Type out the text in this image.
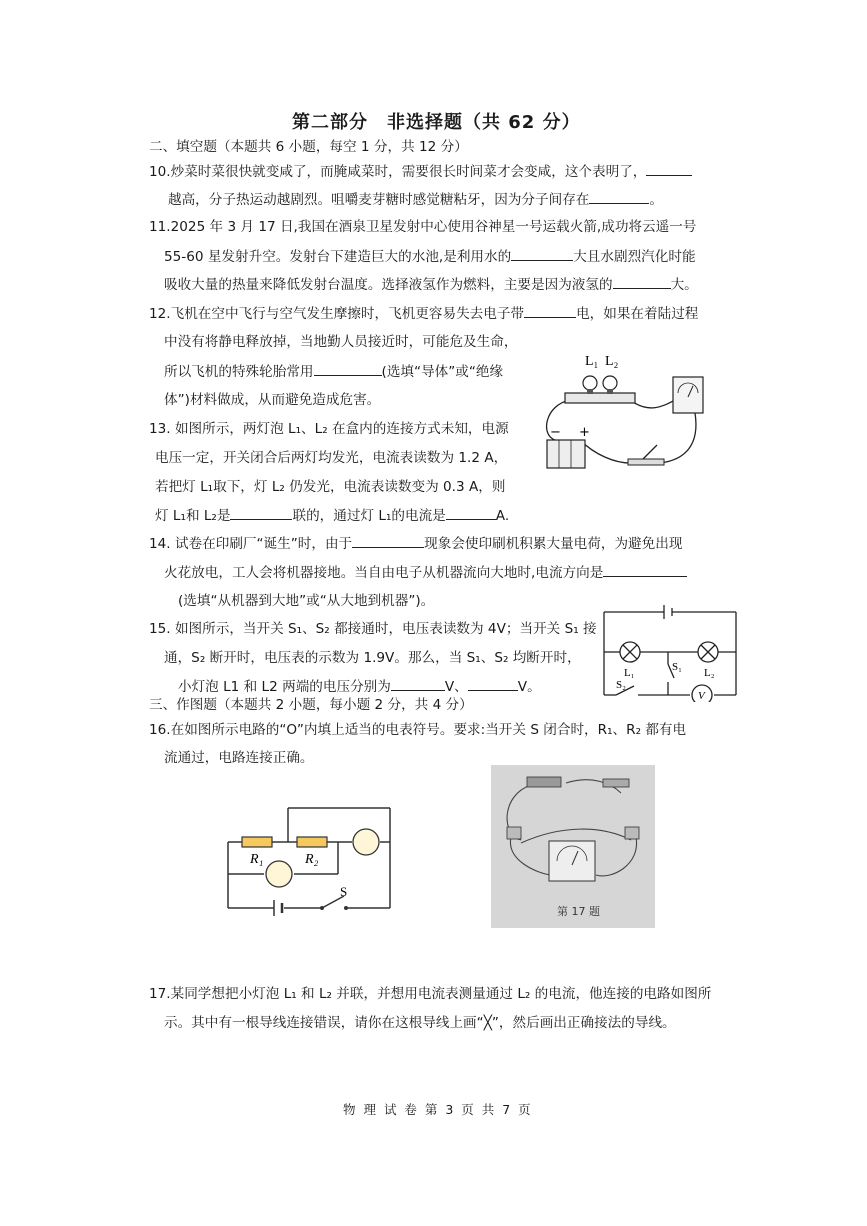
第二部分　非选择题（共 62 分）
二、填空题（本题共 6 小题，每空 1 分，共 12 分）
10.炒菜时菜很快就变咸了，而腌咸菜时，需要很长时间菜才会变咸，这个表明了，
越高，分子热运动越剧烈。咀嚼麦芽糖时感觉糖粘牙，因为分子间存在	。
11.2025 年 3 月 17 日,我国在酒泉卫星发射中心使用谷神星一号运载火箭,成功将云遥一号
55-60 星发射升空。发射台下建造巨大的水池,是利用水的	大且水剧烈汽化时能
吸收大量的热量来降低发射台温度。选择液氢作为燃料，主要是因为液氢的	大。
12.飞机在空中飞行与空气发生摩擦时，飞机更容易失去电子带	电，如果在着陆过程
中没有将静电释放掉，当地勤人员接近时，可能危及生命，
所以飞机的特殊轮胎常用	(选填“导体”或“绝缘
体”)材料做成，从而避免造成危害。
13. 如图所示，两灯泡 L₁、L₂ 在盒内的连接方式未知，电源
电压一定，开关闭合后两灯均发光，电流表读数为 1.2 A，
若把灯 L₁取下，灯 L₂ 仍发光，电流表读数变为 0.3 A，则
灯 L₁和 L₂是	联的，通过灯 L₁的电流是	A.
L₁ L₂
− +
14. 试卷在印刷厂“诞生”时，由于	现象会使印刷机积累大量电荷，为避免出现
火花放电，工人会将机器接地。当自由电子从机器流向大地时,电流方向是
(选填“从机器到大地”或“从大地到机器”)。
15. 如图所示，当开关 S₁、S₂ 都接通时，电压表读数为 4V；当开关 S₁ 接
通，S₂ 断开时，电压表的示数为 1.9V。那么，当 S₁、S₂ 均断开时，
小灯泡 L1 和 L2 两端的电压分别为	V、	V。
V
L₁	L₂
S₁
S₂
三、作图题（本题共 2 小题，每小题 2 分，共 4 分）
16.在如图所示电路的“O”内填上适当的电表符号。要求:当开关 S 闭合时，R₁、R₂ 都有电
流通过，电路连接正确。
R₁	R₂
S
第 17 题
17.某同学想把小灯泡 L₁ 和 L₂ 并联，并想用电流表测量通过 L₂ 的电流，他连接的电路如图所
示。其中有一根导线连接错误，请你在这根导线上画“╳”，然后画出正确接法的导线。
物 理 试 卷 第 3 页 共 7 页
